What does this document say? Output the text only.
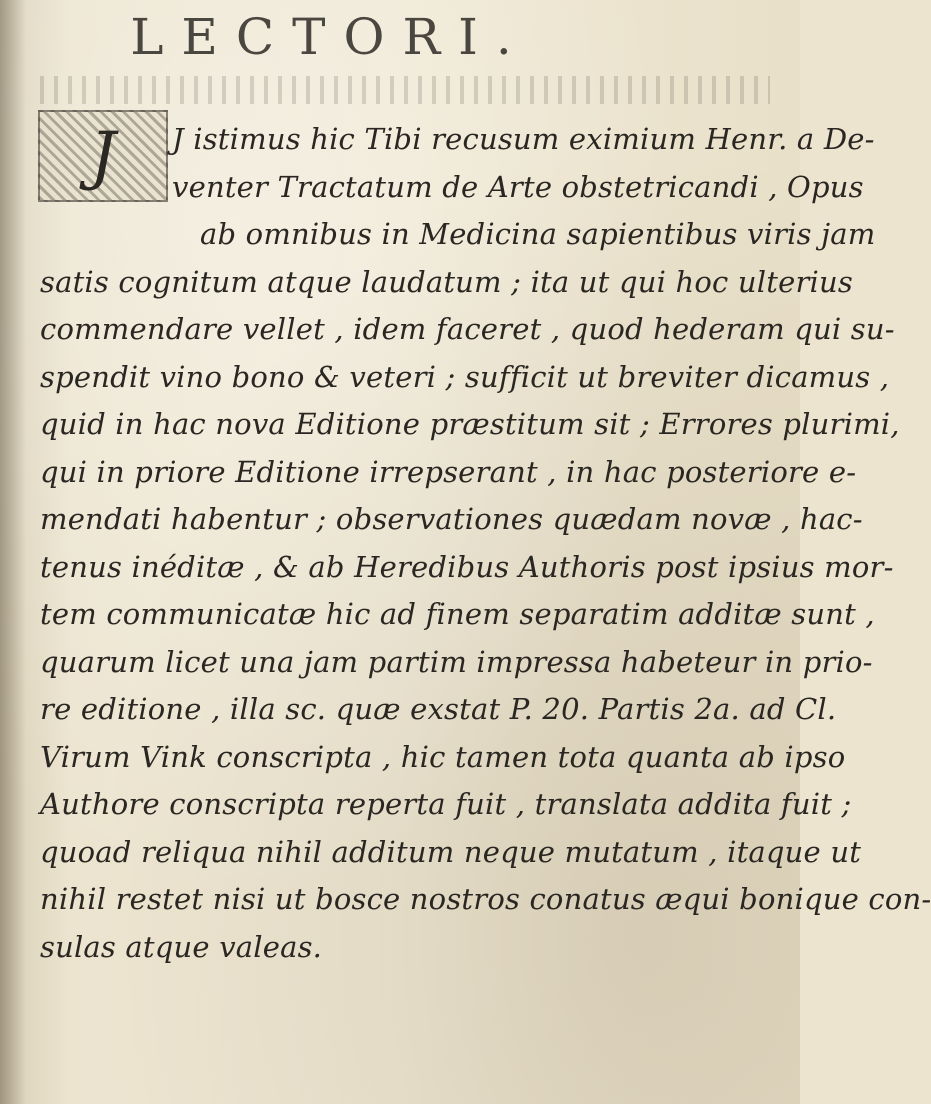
LECTORI.
J	J istimus hic Tibi recusum eximium Henr. a De-
venter Tractatum de Arte obstetricandi , Opus
ab omnibus in Medicina sapientibus viris jam
satis cognitum atque laudatum ; ita ut qui hoc ulterius
commendare vellet , idem faceret , quod hederam qui su-
spendit vino bono & veteri ; sufficit ut breviter dicamus ,
quid in hac nova Editione præstitum sit ; Errores plurimi,
qui in priore Editione irrepserant , in hac posteriore e-
mendati habentur ; observationes quædam novæ , hac-
tenus inéditæ , & ab Heredibus Authoris post ipsius mor-
tem communicatæ hic ad finem separatim additæ sunt ,
quarum licet una jam partim impressa habeteur in prio-
re editione , illa sc. quæ exstat P. 20. Partis 2a. ad Cl.
Virum Vink conscripta , hic tamen tota quanta ab ipso
Authore conscripta reperta fuit , translata addita fuit ;
quoad reliqua nihil additum neque mutatum , itaque ut
nihil restet nisi ut bosce nostros conatus æqui bonique con-
sulas atque valeas.
